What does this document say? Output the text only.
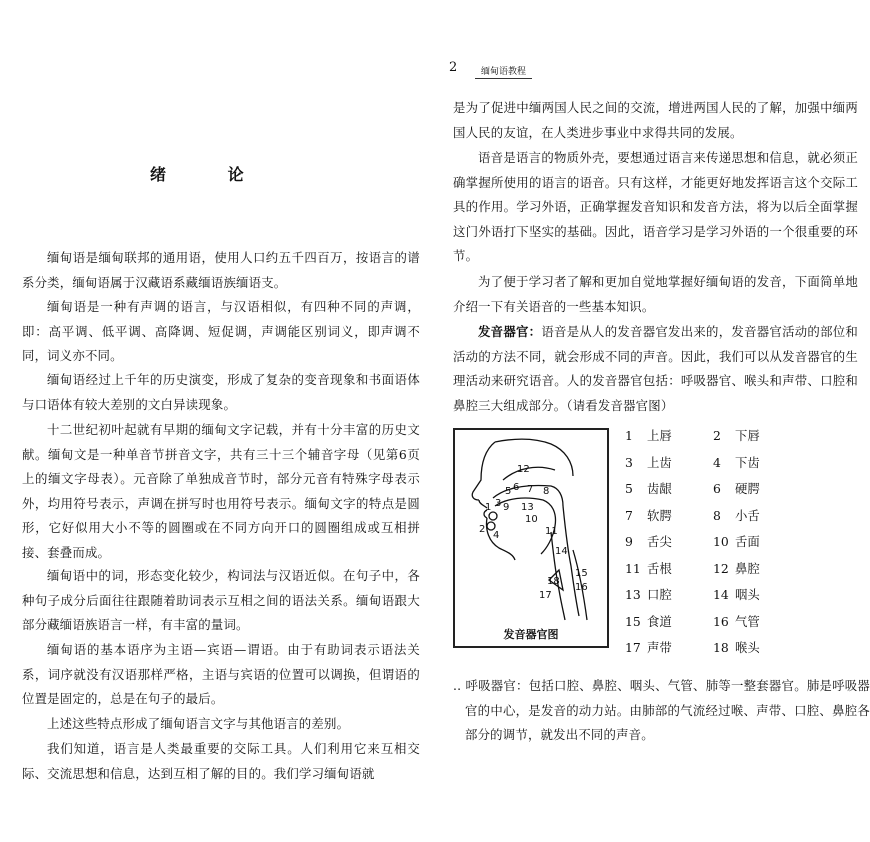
绪 论

缅甸语是缅甸联邦的通用语，使用人口约五千四百万，按语言的谱系分类，缅甸语属于汉藏语系藏缅语族缅语支。

缅甸语是一种有声调的语言，与汉语相似，有四种不同的声调，即：高平调、低平调、高降调、短促调，声调能区别词义，即声调不同，词义亦不同。

缅甸语经过上千年的历史演变，形成了复杂的变音现象和书面语体与口语体有较大差别的文白异读现象。

十二世纪初叶起就有早期的缅甸文字记载，并有十分丰富的历史文献。缅甸文是一种单音节拼音文字，共有三十三个辅音字母（见第6页上的缅文字母表）。元音除了单独成音节时，部分元音有特殊字母表示外，均用符号表示，声调在拼写时也用符号表示。缅甸文字的特点是圆形，它好似用大小不等的圆圈或在不同方向开口的圆圈组成或互相拼接、套叠而成。

缅甸语中的词，形态变化较少，构词法与汉语近似。在句子中，各种句子成分后面往往跟随着助词表示互相之间的语法关系。缅甸语跟大部分藏缅语族语言一样，有丰富的量词。

缅甸语的基本语序为主语—宾语—谓语。由于有助词表示语法关系，词序就没有汉语那样严格，主语与宾语的位置可以调换，但谓语的位置是固定的，总是在句子的最后。

上述这些特点形成了缅甸语言文字与其他语言的差别。

我们知道，语言是人类最重要的交际工具。人们利用它来互相交际、交流思想和信息，达到互相了解的目的。我们学习缅甸语就

2	缅甸语教程

是为了促进中缅两国人民之间的交流，增进两国人民的了解，加强中缅两国人民的友谊，在人类进步事业中求得共同的发展。

语音是语言的物质外壳，要想通过语言来传递思想和信息，就必须正确掌握所使用的语言的语音。只有这样，才能更好地发挥语言这个交际工具的作用。学习外语，正确掌握发音知识和发音方法，将为以后全面掌握这门外语打下坚实的基础。因此，语音学习是学习外语的一个很重要的环节。

为了便于学习者了解和更加自觉地掌握好缅甸语的发音，下面简单地介绍一下有关语音的一些基本知识。

发音器官：语音是从人的发音器官发出来的，发音器官活动的部位和活动的方法不同，就会形成不同的声音。因此，我们可以从发音器官的生理活动来研究语音。人的发音器官包括：呼吸器官、喉头和声带、口腔和鼻腔三大组成部分。（请看发音器官图）

12
5 6 7 8
3
1 9 13
10
11
2
4
14
15
16
17
18
发音器官图
1 上唇	2 下唇
3 上齿	4 下齿
5 齿龈	6 硬腭
7 软腭	8 小舌
9 舌尖	10 舌面
11 舌根	12 鼻腔
13 口腔	14 咽头
15 食道	16 气管
17 声带	18 喉头

.. 呼吸器官：包括口腔、鼻腔、咽头、气管、肺等一整套器官。肺是呼吸器官的中心，是发音的动力站。由肺部的气流经过喉、声带、口腔、鼻腔各部分的调节，就发出不同的声音。
